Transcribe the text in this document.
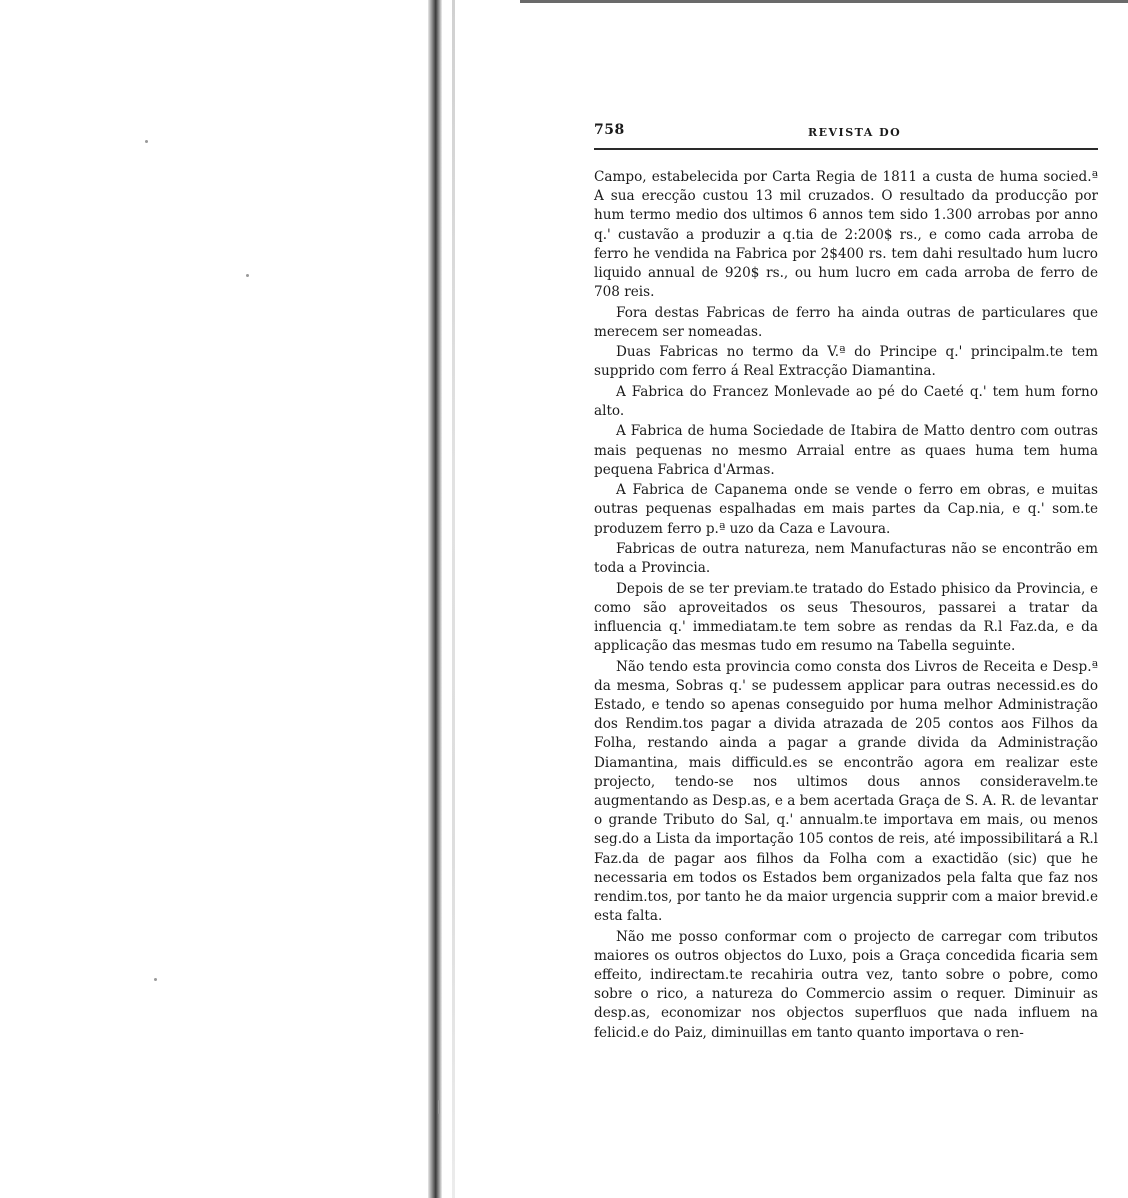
758	REVISTA DO

Campo, estabelecida por Carta Regia de 1811 a custa de huma socied.ª A sua erecção custou 13 mil cruzados. O resultado da producção por hum termo medio dos ultimos 6 annos tem sido 1.300 arrobas por anno q.' custavão a produzir a q.tia de 2:200$ rs., e como cada arroba de ferro he vendida na Fabrica por 2$400 rs. tem dahi resultado hum lucro liquido annual de 920$ rs., ou hum lucro em cada arroba de ferro de 708 reis.

Fora destas Fabricas de ferro ha ainda outras de particulares que merecem ser nomeadas.

Duas Fabricas no termo da V.ª do Principe q.' principalm.te tem supprido com ferro á Real Extracção Diamantina.

A Fabrica do Francez Monlevade ao pé do Caeté q.' tem hum forno alto.

A Fabrica de huma Sociedade de Itabira de Matto dentro com outras mais pequenas no mesmo Arraial entre as quaes huma tem huma pequena Fabrica d'Armas.

A Fabrica de Capanema onde se vende o ferro em obras, e muitas outras pequenas espalhadas em mais partes da Cap.nia, e q.' som.te produzem ferro p.ª uzo da Caza e Lavoura.

Fabricas de outra natureza, nem Manufacturas não se encontrão em toda a Provincia.

Depois de se ter previam.te tratado do Estado phisico da Provincia, e como são aproveitados os seus Thesouros, passarei a tratar da influencia q.' immediatam.te tem sobre as rendas da R.l Faz.da, e da applicação das mesmas tudo em resumo na Tabella seguinte.

Não tendo esta provincia como consta dos Livros de Receita e Desp.ª da mesma, Sobras q.' se pudessem applicar para outras necessid.es do Estado, e tendo so apenas conseguido por huma melhor Administração dos Rendim.tos pagar a divida atrazada de 205 contos aos Filhos da Folha, restando ainda a pagar a grande divida da Administração Diamantina, mais difficuld.es se encontrão agora em realizar este projecto, tendo-se nos ultimos dous annos consideravelm.te augmentando as Desp.as, e a bem acertada Graça de S. A. R. de levantar o grande Tributo do Sal, q.' annualm.te importava em mais, ou menos seg.do a Lista da importação 105 contos de reis, até impossibilitará a R.l Faz.da de pagar aos filhos da Folha com a exactidão (sic) que he necessaria em todos os Estados bem organizados pela falta que faz nos rendim.tos, por tanto he da maior urgencia supprir com a maior brevid.e esta falta.

Não me posso conformar com o projecto de carregar com tributos maiores os outros objectos do Luxo, pois a Graça concedida ficaria sem effeito, indirectam.te recahiria outra vez, tanto sobre o pobre, como sobre o rico, a natureza do Commercio assim o requer. Diminuir as desp.as, economizar nos objectos superfluos que nada influem na felicid.e do Paiz, diminuillas em tanto quanto importava o ren-
